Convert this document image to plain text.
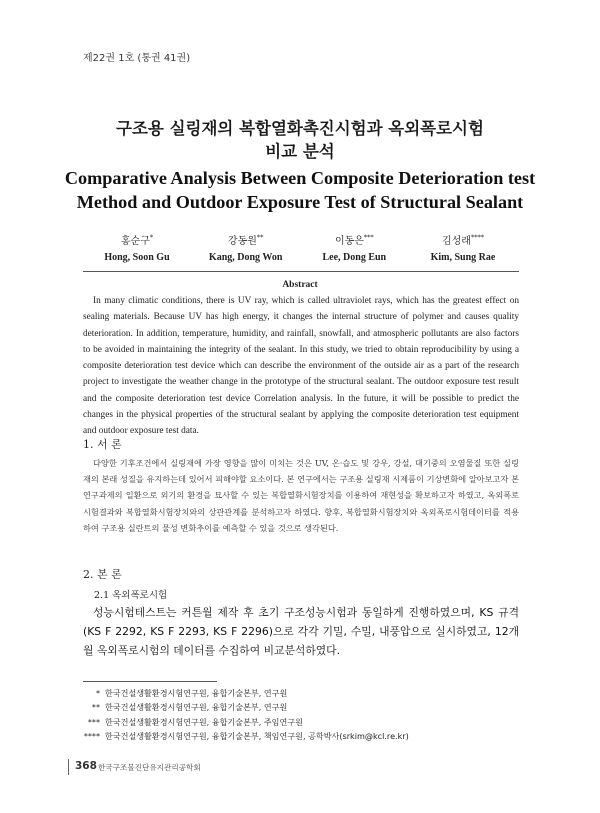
제22권 1호 (통권 41권)
구조용 실링재의 복합열화촉진시험과 옥외폭로시험
비교 분석
Comparative Analysis Between Composite Deterioration test
Method and Outdoor Exposure Test of Structural Sealant
홍순구*
Hong, Soon Gu
강동원**
Kang, Dong Won
이동은***
Lee, Dong Eun
김성래****
Kim, Sung Rae
Abstract
In many climatic conditions, there is UV ray, which is called ultraviolet rays, which has the greatest effect on sealing materials. Because UV has high energy, it changes the internal structure of polymer and causes quality deterioration. In addition, temperature, humidity, and rainfall, snowfall, and atmospheric pollutants are also factors to be avoided in maintaining the integrity of the sealant. In this study, we tried to obtain reproducibility by using a composite deterioration test device which can describe the environment of the outside air as a part of the research project to investigate the weather change in the prototype of the structural sealant. The outdoor exposure test result and the composite deterioration test device Correlation analysis. In the future, it will be possible to predict the changes in the physical properties of the structural sealant by applying the composite deterioration test equipment and outdoor exposure test data.
1. 서 론
다양한 기후조건에서 실링재에 가장 영향을 많이 미치는 것은 UV, 온·습도 및 강우, 강설, 대기중의 오염물질 또한 실링재의 본래 성질을 유지하는데 있어서 피해야할 요소이다. 본 연구에서는 구조용 실링재 시제품이 기상변화에 알아보고자 본 연구과제의 일환으로 외기의 환경을 묘사할 수 있는 복합열화시험장치를 이용하여 재현성을 확보하고자 하였고, 옥외폭로시험결과와 복합열화시험장치와의 상관관계를 분석하고자 하였다. 향후, 복합열화시험장치와 옥외폭로시험데이터를 적용하여 구조용 실란트의 물성 변화추이를 예측할 수 있을 것으로 생각된다.
2. 본 론
2.1 옥외폭로시험
성능시험테스트는 커튼월 제작 후 초기 구조성능시험과 동일하게 진행하였으며, KS 규격(KS F 2292, KS F 2293, KS F 2296)으로 각각 기밀, 수밀, 내풍압으로 실시하였고, 12개월 옥외폭로시험의 데이터를 수집하여 비교분석하였다.
* 한국건설생활환경시험연구원, 융합기술본부, 연구원
** 한국건설생활환경시험연구원, 융합기술본부, 연구원
*** 한국건설생활환경시험연구원, 융합기술본부, 주임연구원
**** 한국건설생활환경시험연구원, 융합기술본부, 책임연구원, 공학박사(srkim@kcl.re.kr)
368 한국구조물진단유지관리공학회
